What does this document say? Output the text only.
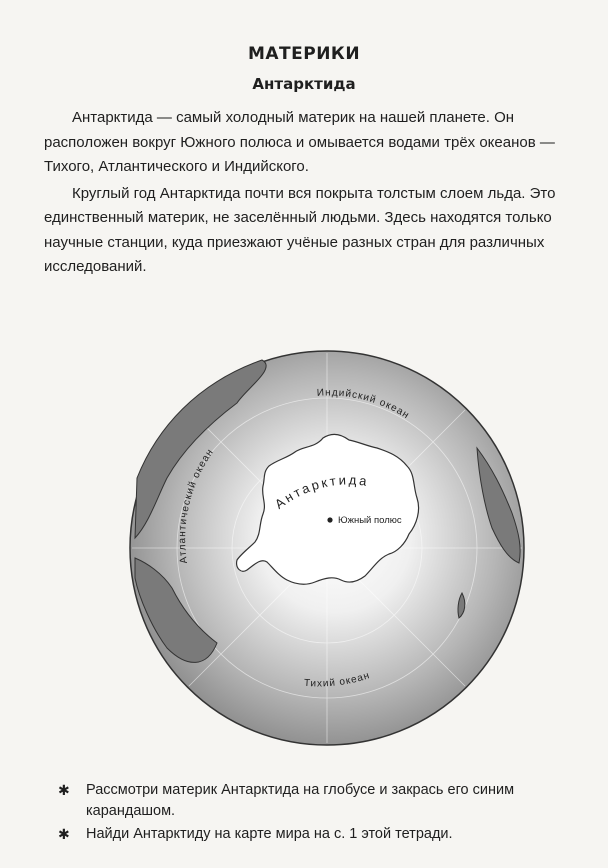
МАТЕРИКИ
Антарктида

Антарктида — самый холодный материк на нашей планете. Он расположен вокруг Южного полюса и омывается водами трёх океанов — Тихого, Атлантического и Индийского.

Круглый год Антарктида почти вся покрыта толстым слоем льда. Это единственный материк, не заселённый людьми. Здесь находятся только научные станции, куда приезжают учёные разных стран для различных исследований.

Южный полюс
Антарктида
Индийский океан
Атлантический океан
Тихий океан
✱ Рассмотри материк Антарктида на глобусе и закрась его синим карандашом.
✱ Найди Антарктиду на карте мира на с. 1 этой тетради.
